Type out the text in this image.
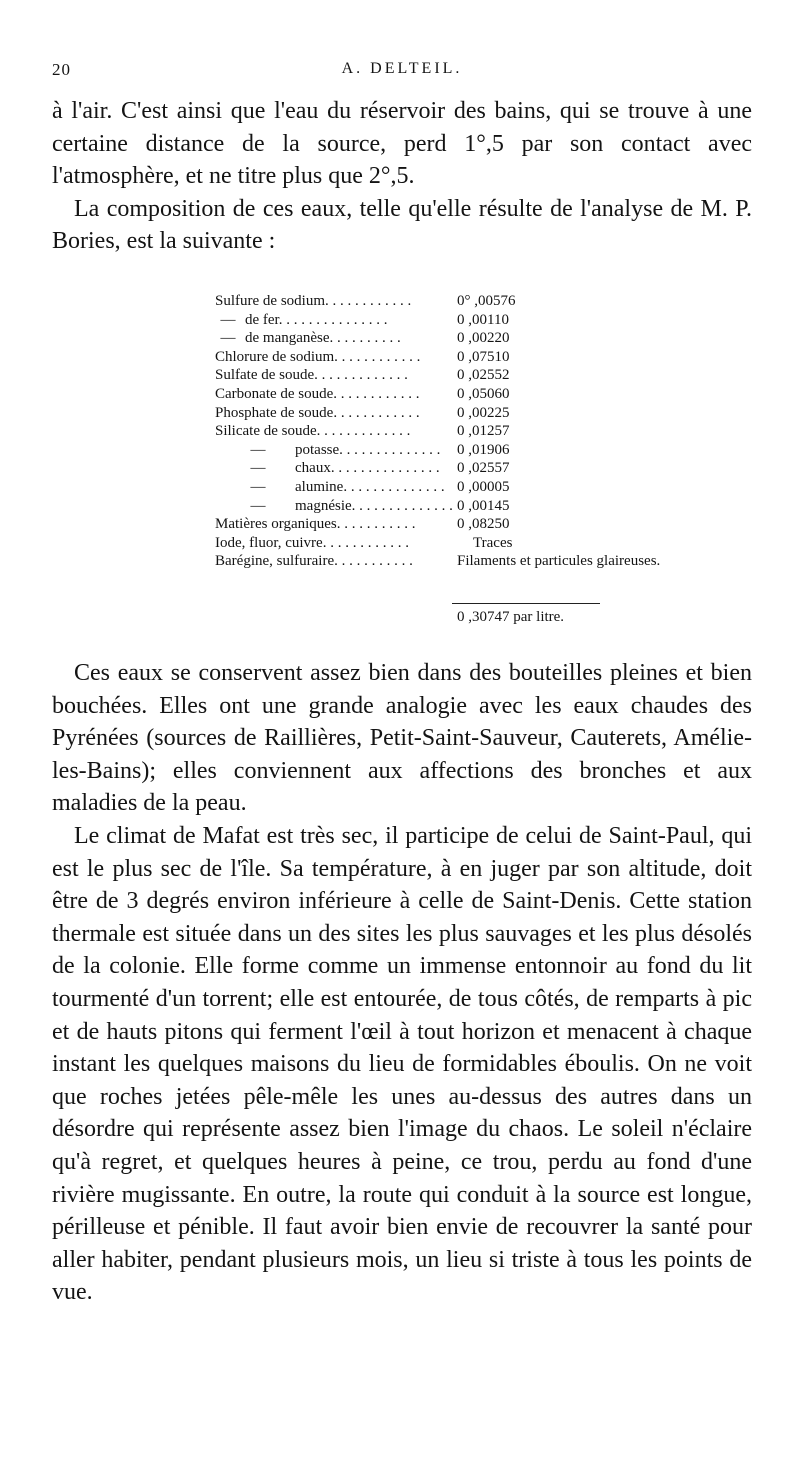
20	A. DELTEIL.

à l'air. C'est ainsi que l'eau du réservoir des bains, qui se trouve à une certaine distance de la source, perd 1°,5 par son contact avec l'atmosphère, et ne titre plus que 2°,5.

La composition de ces eaux, telle qu'elle résulte de l'analyse de M. P. Bories, est la suivante :

Sulfure de sodium. . . . . . . . . . . .	0° ,00576
— de fer. . . . . . . . . . . . . . .	0 ,00110
— de manganèse. . . . . . . . . .	0 ,00220
Chlorure de sodium. . . . . . . . . . . .	0 ,07510
Sulfate de soude. . . . . . . . . . . . .	0 ,02552
Carbonate de soude. . . . . . . . . . . .	0 ,05060
Phosphate de soude. . . . . . . . . . . .	0 ,00225
Silicate de soude. . . . . . . . . . . . .	0 ,01257
—	potasse. . . . . . . . . . . . . .	0 ,01906
—	chaux. . . . . . . . . . . . . . .	0 ,02557
—	alumine. . . . . . . . . . . . . . 0 ,00005
—	magnésie. . . . . . . . . . . . . . 0 ,00145
Matières organiques. . . . . . . . . . .	0 ,08250
Iode, fluor, cuivre. . . . . . . . . . . .	Traces
Barégine, sulfuraire. . . . . . . . . . .	Filaments et particules glaireuses.
0 ,30747 par litre.

Ces eaux se conservent assez bien dans des bouteilles pleines et bien bouchées. Elles ont une grande analogie avec les eaux chaudes des Pyrénées (sources de Raillières, Petit-Saint-Sauveur, Cauterets, Amélie-les-Bains); elles conviennent aux affections des bronches et aux maladies de la peau.

Le climat de Mafat est très sec, il participe de celui de Saint-Paul, qui est le plus sec de l'île. Sa température, à en juger par son altitude, doit être de 3 degrés environ inférieure à celle de Saint-Denis. Cette station thermale est située dans un des sites les plus sauvages et les plus désolés de la colonie. Elle forme comme un immense entonnoir au fond du lit tourmenté d'un torrent; elle est entourée, de tous côtés, de remparts à pic et de hauts pitons qui ferment l'œil à tout horizon et menacent à chaque instant les quelques maisons du lieu de formidables éboulis. On ne voit que roches jetées pêle-mêle les unes au-dessus des autres dans un désordre qui représente assez bien l'image du chaos. Le soleil n'éclaire qu'à regret, et quelques heures à peine, ce trou, perdu au fond d'une rivière mugissante. En outre, la route qui conduit à la source est longue, périlleuse et pénible. Il faut avoir bien envie de recouvrer la santé pour aller habiter, pendant plusieurs mois, un lieu si triste à tous les points de vue.
